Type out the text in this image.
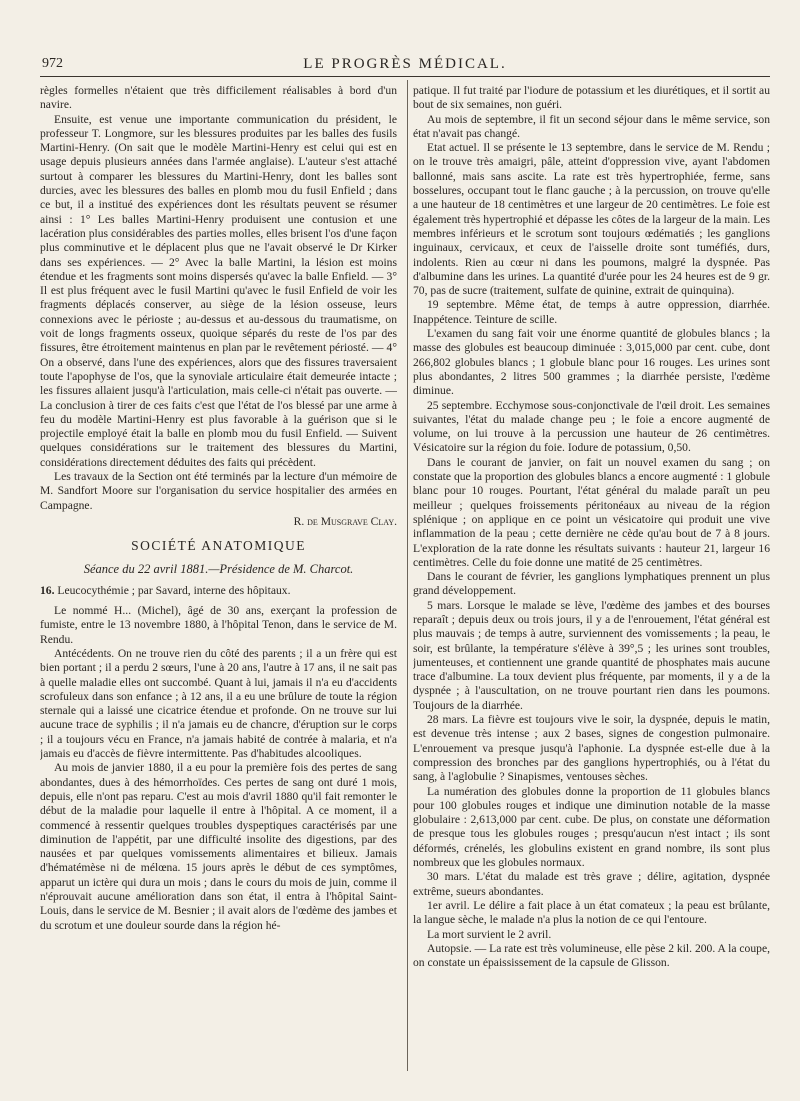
972	LE PROGRÈS MÉDICAL.

règles formelles n'étaient que très difficilement réalisables à bord d'un navire.

Ensuite, est venue une importante communication du président, le professeur T. Longmore, sur les blessures produites par les balles des fusils Martini-Henry. (On sait que le modèle Martini-Henry est celui qui est en usage depuis plusieurs années dans l'armée anglaise). L'auteur s'est attaché surtout à comparer les blessures du Martini-Henry, dont les balles sont durcies, avec les blessures des balles en plomb mou du fusil Enfield ; dans ce but, il a institué des expériences dont les résultats peuvent se résumer ainsi : 1° Les balles Martini-Henry produisent une contusion et une lacération plus considérables des parties molles, elles brisent l'os d'une façon plus comminutive et le déplacent plus que ne l'avait observé le Dr Kirker dans ses expériences. — 2° Avec la balle Martini, la lésion est moins étendue et les fragments sont moins dispersés qu'avec la balle Enfield. — 3° Il est plus fréquent avec le fusil Martini qu'avec le fusil Enfield de voir les fragments déplacés conserver, au siège de la lésion osseuse, leurs connexions avec le périoste ; au-dessus et au-dessous du traumatisme, on voit de longs fragments osseux, quoique séparés du reste de l'os par des fissures, être étroitement maintenus en plan par le revêtement périosté. — 4° On a observé, dans l'une des expériences, alors que des fissures traversaient toute l'apophyse de l'os, que la synoviale articulaire était demeurée intacte ; les fissures allaient jusqu'à l'articulation, mais celle-ci n'était pas ouverte. — La conclusion à tirer de ces faits c'est que l'état de l'os blessé par une arme à feu du modèle Martini-Henry est plus favorable à la guérison que si le projectile employé était la balle en plomb mou du fusil Enfield. — Suivent quelques considérations sur le traitement des blessures du Martini, considérations directement déduites des faits qui précèdent.

Les travaux de la Section ont été terminés par la lecture d'un mémoire de M. Sandfort Moore sur l'organisation du service hospitalier des armées en Campagne.

R. de Musgrave Clay.
SOCIÉTÉ ANATOMIQUE
Séance du 22 avril 1881.—Présidence de M. Charcot.
16. Leucocythémie ; par Savard, interne des hôpitaux.

Le nommé H... (Michel), âgé de 30 ans, exerçant la profession de fumiste, entre le 13 novembre 1880, à l'hôpital Tenon, dans le service de M. Rendu.

Antécédents. On ne trouve rien du côté des parents ; il a un frère qui est bien portant ; il a perdu 2 sœurs, l'une à 20 ans, l'autre à 17 ans, il ne sait pas à quelle maladie elles ont succombé. Quant à lui, jamais il n'a eu d'accidents scrofuleux dans son enfance ; à 12 ans, il a eu une brûlure de toute la région sternale qui a laissé une cicatrice étendue et profonde. On ne trouve sur lui aucune trace de syphilis ; il n'a jamais eu de chancre, d'éruption sur le corps ; il a toujours vécu en France, n'a jamais habité de contrée à malaria, et n'a jamais eu d'accès de fièvre intermittente. Pas d'habitudes alcooliques.

Au mois de janvier 1880, il a eu pour la première fois des pertes de sang abondantes, dues à des hémorrhoïdes. Ces pertes de sang ont duré 1 mois, depuis, elle n'ont pas reparu. C'est au mois d'avril 1880 qu'il fait remonter le début de la maladie pour laquelle il entre à l'hôpital. A ce moment, il a commencé à ressentir quelques troubles dyspeptiques caractérisés par une diminution de l'appétit, par une difficulté insolite des digestions, par des nausées et par quelques vomissements alimentaires et bilieux. Jamais d'hématémèse ni de mélœna. 15 jours après le début de ces symptômes, apparut un ictère qui dura un mois ; dans le cours du mois de juin, comme il n'éprouvait aucune amélioration dans son état, il entra à l'hôpital Saint-Louis, dans le service de M. Besnier ; il avait alors de l'œdème des jambes et du scrotum et une douleur sourde dans la région hé-

patique. Il fut traité par l'iodure de potassium et les diurétiques, et il sortit au bout de six semaines, non guéri.

Au mois de septembre, il fit un second séjour dans le même service, son état n'avait pas changé.

Etat actuel. Il se présente le 13 septembre, dans le service de M. Rendu ; on le trouve très amaigri, pâle, atteint d'oppression vive, ayant l'abdomen ballonné, mais sans ascite. La rate est très hypertrophiée, ferme, sans bosselures, occupant tout le flanc gauche ; à la percussion, on trouve qu'elle a une hauteur de 18 centimètres et une largeur de 20 centimètres. Le foie est également très hypertrophié et dépasse les côtes de la largeur de la main. Les membres inférieurs et le scrotum sont toujours œdématiés ; les ganglions inguinaux, cervicaux, et ceux de l'aisselle droite sont tuméfiés, durs, indolents. Rien au cœur ni dans les poumons, malgré la dyspnée. Pas d'albumine dans les urines. La quantité d'urée pour les 24 heures est de 9 gr. 70, pas de sucre (traitement, sulfate de quinine, extrait de quinquina).

19 septembre. Même état, de temps à autre oppression, diarrhée. Inappétence. Teinture de scille.

L'examen du sang fait voir une énorme quantité de globules blancs ; la masse des globules est beaucoup diminuée : 3,015,000 par cent. cube, dont 266,802 globules blancs ; 1 globule blanc pour 16 rouges. Les urines sont plus abondantes, 2 litres 500 grammes ; la diarrhée persiste, l'œdème diminue.

25 septembre. Ecchymose sous-conjonctivale de l'œil droit. Les semaines suivantes, l'état du malade change peu ; le foie a encore augmenté de volume, on lui trouve à la percussion une hauteur de 26 centimètres. Vésicatoire sur la région du foie. Iodure de potassium, 0,50.

Dans le courant de janvier, on fait un nouvel examen du sang ; on constate que la proportion des globules blancs a encore augmenté : 1 globule blanc pour 10 rouges. Pourtant, l'état général du malade paraît un peu meilleur ; quelques froissements péritonéaux au niveau de la région splénique ; on applique en ce point un vésicatoire qui produit une vive inflammation de la peau ; cette dernière ne cède qu'au bout de 7 à 8 jours. L'exploration de la rate donne les résultats suivants : hauteur 21, largeur 16 centimètres. Celle du foie donne une matité de 25 centimètres.

Dans le courant de février, les ganglions lymphatiques prennent un plus grand développement.

5 mars. Lorsque le malade se lève, l'œdème des jambes et des bourses reparaît ; depuis deux ou trois jours, il y a de l'enrouement, l'état général est plus mauvais ; de temps à autre, surviennent des vomissements ; la peau, le soir, est brûlante, la température s'élève à 39°,5 ; les urines sont troubles, jumenteuses, et contiennent une grande quantité de phosphates mais aucune trace d'albumine. La toux devient plus fréquente, par moments, il y a de la dyspnée ; à l'auscultation, on ne trouve pourtant rien dans les poumons. Toujours de la diarrhée.

28 mars. La fièvre est toujours vive le soir, la dyspnée, depuis le matin, est devenue très intense ; aux 2 bases, signes de congestion pulmonaire. L'enrouement va presque jusqu'à l'aphonie. La dyspnée est-elle due à la compression des bronches par des ganglions hypertrophiés, ou à l'état du sang, à l'aglobulie ? Sinapismes, ventouses sèches.

La numération des globules donne la proportion de 11 globules blancs pour 100 globules rouges et indique une diminution notable de la masse globulaire : 2,613,000 par cent. cube. De plus, on constate une déformation de presque tous les globules rouges ; presqu'aucun n'est intact ; ils sont déformés, crénelés, les globulins existent en grand nombre, ils sont plus nombreux que les globules normaux.

30 mars. L'état du malade est très grave ; délire, agitation, dyspnée extrême, sueurs abondantes.

1er avril. Le délire a fait place à un état comateux ; la peau est brûlante, la langue sèche, le malade n'a plus la notion de ce qui l'entoure.

La mort survient le 2 avril.

Autopsie. — La rate est très volumineuse, elle pèse 2 kil. 200. A la coupe, on constate un épaississement de la capsule de Glisson.
